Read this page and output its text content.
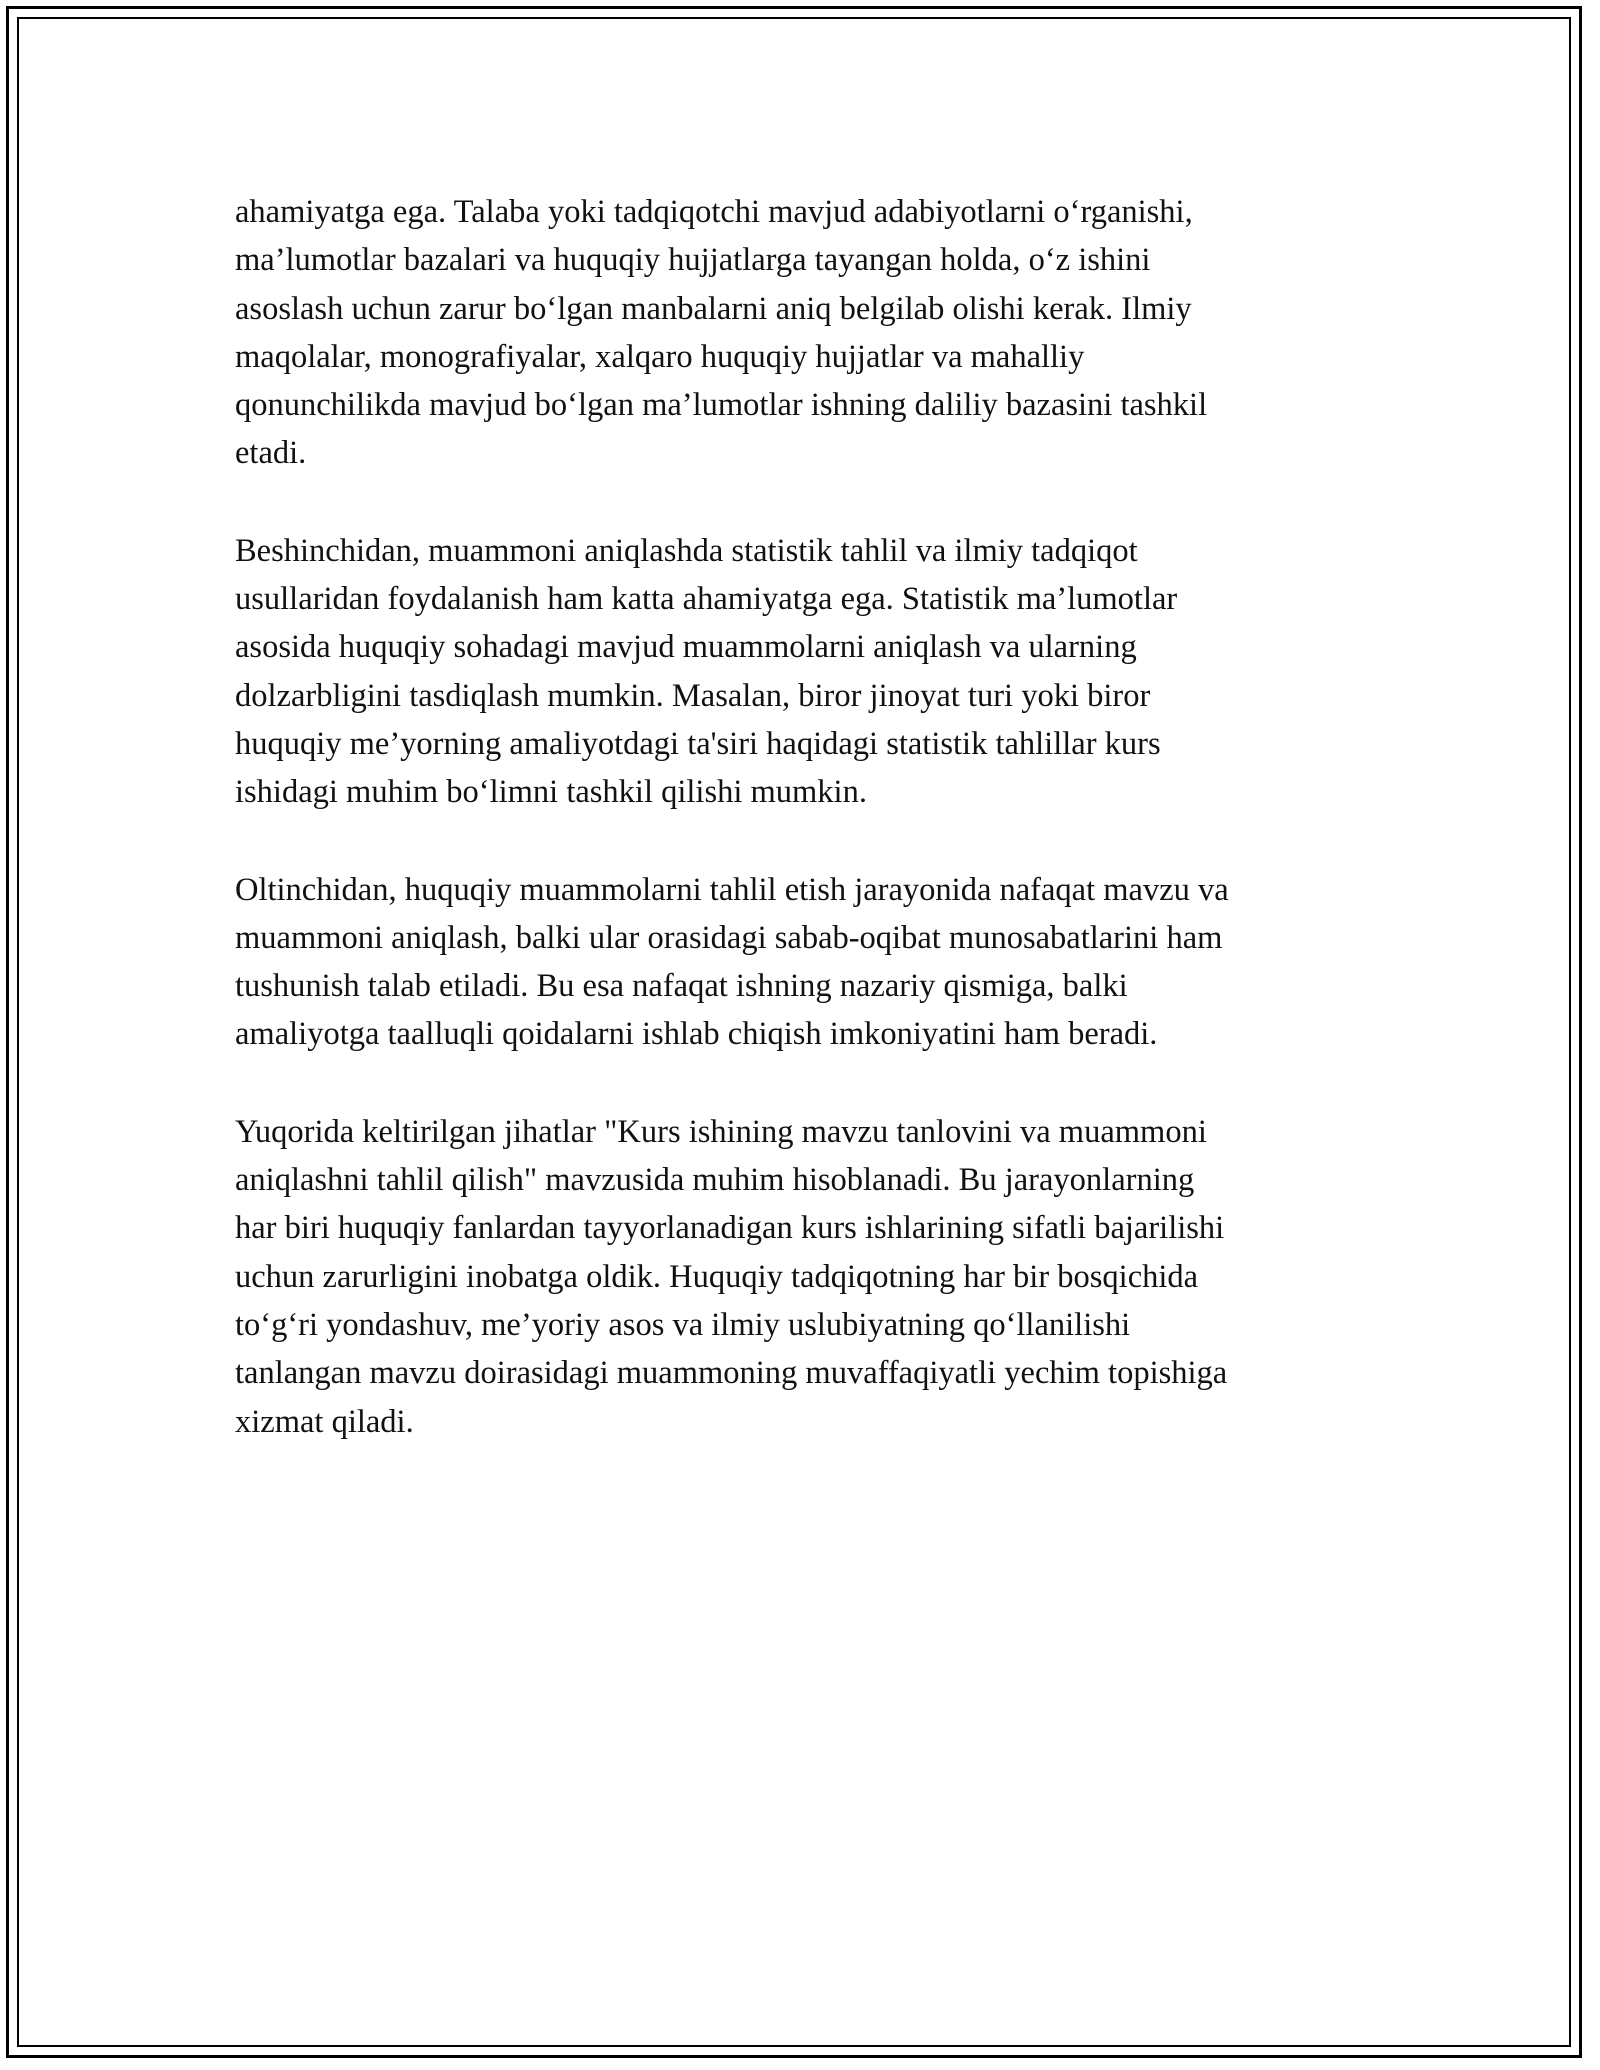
ahamiyatga ega. Talaba yoki tadqiqotchi mavjud adabiyotlarni o‘rganishi,
ma’lumotlar bazalari va huquqiy hujjatlarga tayangan holda, o‘z ishini
asoslash uchun zarur bo‘lgan manbalarni aniq belgilab olishi kerak. Ilmiy
maqolalar, monografiyalar, xalqaro huquqiy hujjatlar va mahalliy
qonunchilikda mavjud bo‘lgan ma’lumotlar ishning daliliy bazasini tashkil
etadi.

Beshinchidan, muammoni aniqlashda statistik tahlil va ilmiy tadqiqot
usullaridan foydalanish ham katta ahamiyatga ega. Statistik ma’lumotlar
asosida huquqiy sohadagi mavjud muammolarni aniqlash va ularning
dolzarbligini tasdiqlash mumkin. Masalan, biror jinoyat turi yoki biror
huquqiy me’yorning amaliyotdagi ta'siri haqidagi statistik tahlillar kurs
ishidagi muhim bo‘limni tashkil qilishi mumkin.

Oltinchidan, huquqiy muammolarni tahlil etish jarayonida nafaqat mavzu va
muammoni aniqlash, balki ular orasidagi sabab-oqibat munosabatlarini ham
tushunish talab etiladi. Bu esa nafaqat ishning nazariy qismiga, balki
amaliyotga taalluqli qoidalarni ishlab chiqish imkoniyatini ham beradi.

Yuqorida keltirilgan jihatlar "Kurs ishining mavzu tanlovini va muammoni
aniqlashni tahlil qilish" mavzusida muhim hisoblanadi. Bu jarayonlarning
har biri huquqiy fanlardan tayyorlanadigan kurs ishlarining sifatli bajarilishi
uchun zarurligini inobatga oldik. Huquqiy tadqiqotning har bir bosqichida
to‘g‘ri yondashuv, me’yoriy asos va ilmiy uslubiyatning qo‘llanilishi
tanlangan mavzu doirasidagi muammoning muvaffaqiyatli yechim topishiga
xizmat qiladi.
